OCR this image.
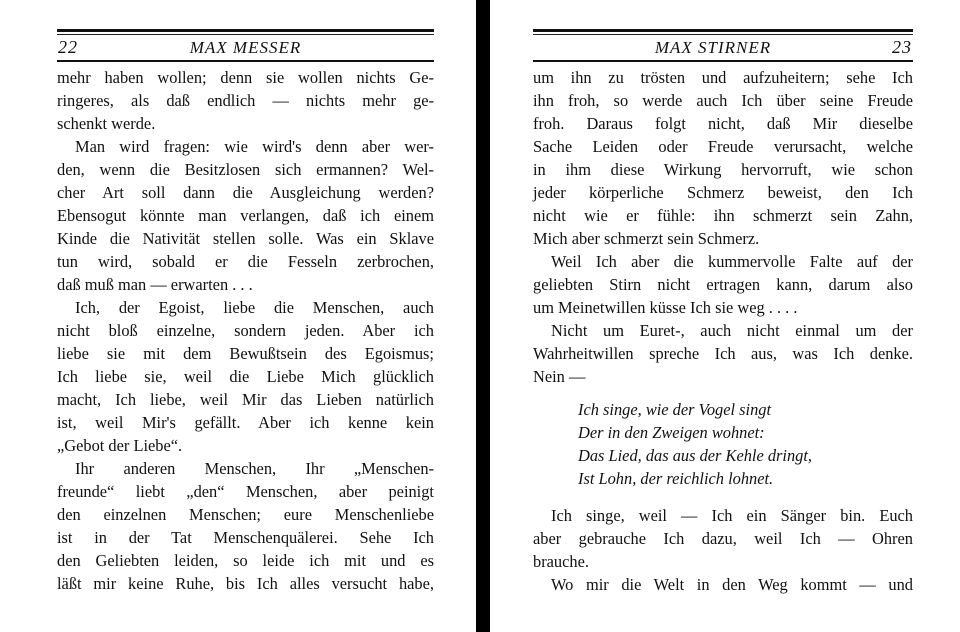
22	MAX MESSER
mehr haben wollen; denn sie wollen nichts Ge-
ringeres, als daß endlich — nichts mehr ge-
schenkt werde.
Man wird fragen: wie wird's denn aber wer-
den, wenn die Besitzlosen sich ermannen? Wel-
cher Art soll dann die Ausgleichung werden?
Ebensogut könnte man verlangen, daß ich einem
Kinde die Nativität stellen solle. Was ein Sklave
tun wird, sobald er die Fesseln zerbrochen,
daß muß man — erwarten . . .
Ich, der Egoist, liebe die Menschen, auch
nicht bloß einzelne, sondern jeden. Aber ich
liebe sie mit dem Bewußtsein des Egoismus;
Ich liebe sie, weil die Liebe Mich glücklich
macht, Ich liebe, weil Mir das Lieben natürlich
ist, weil Mir's gefällt. Aber ich kenne kein
„Gebot der Liebe“.
Ihr anderen Menschen, Ihr „Menschen-
freunde“ liebt „den“ Menschen, aber peinigt
den einzelnen Menschen; eure Menschenliebe
ist in der Tat Menschenquälerei. Sehe Ich
den Geliebten leiden, so leide ich mit und es
läßt mir keine Ruhe, bis Ich alles versucht habe,
MAX STIRNER	23
um ihn zu trösten und aufzuheitern; sehe Ich
ihn froh, so werde auch Ich über seine Freude
froh. Daraus folgt nicht, daß Mir dieselbe
Sache Leiden oder Freude verursacht, welche
in ihm diese Wirkung hervorruft, wie schon
jeder körperliche Schmerz beweist, den Ich
nicht wie er fühle: ihn schmerzt sein Zahn,
Mich aber schmerzt sein Schmerz.
Weil Ich aber die kummervolle Falte auf der
geliebten Stirn nicht ertragen kann, darum also
um Meinetwillen küsse Ich sie weg . . . .
Nicht um Euret-, auch nicht einmal um der
Wahrheitwillen spreche Ich aus, was Ich denke.
Nein —
Ich singe, wie der Vogel singt
Der in den Zweigen wohnet:
Das Lied, das aus der Kehle dringt,
Ist Lohn, der reichlich lohnet.
Ich singe, weil — Ich ein Sänger bin. Euch
aber gebrauche Ich dazu, weil Ich — Ohren
brauche.
Wo mir die Welt in den Weg kommt — und
